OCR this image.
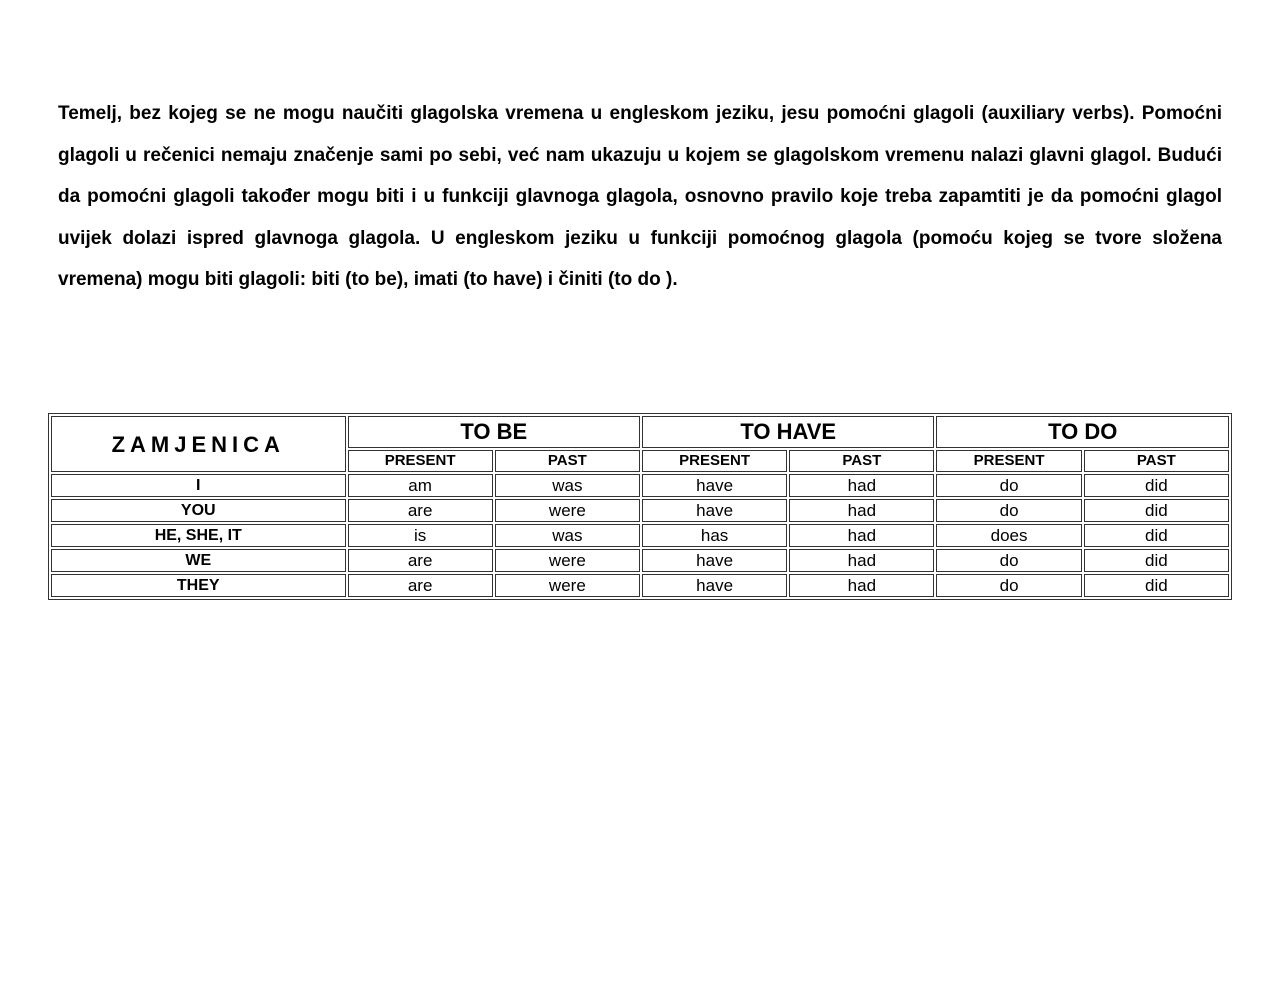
Temelj, bez kojeg se ne mogu naučiti glagolska vremena u engleskom jeziku, jesu pomoćni glagoli (auxiliary verbs). Pomoćni glagoli u rečenici nemaju značenje sami po sebi, već nam ukazuju u kojem se glagolskom vremenu nalazi glavni glagol. Budući da pomoćni glagoli također mogu biti i u funkciji glavnoga glagola, osnovno pravilo koje treba zapamtiti je da pomoćni glagol uvijek dolazi ispred glavnoga glagola. U engleskom jeziku u funkciji pomoćnog glagola (pomoću kojeg se tvore složena vremena) mogu biti glagoli: biti (to be), imati (to have) i činiti (to do ).

ZAMJENICA	TO BE		TO HAVE		TO DO	
	PRESENT	PAST	PRESENT	PAST	PRESENT	PAST
I	am	was	have	had	do	did
YOU	are	were	have	had	do	did
HE, SHE, IT	is	was	has	had	does	did
WE	are	were	have	had	do	did
THEY	are	were	have	had	do	did
